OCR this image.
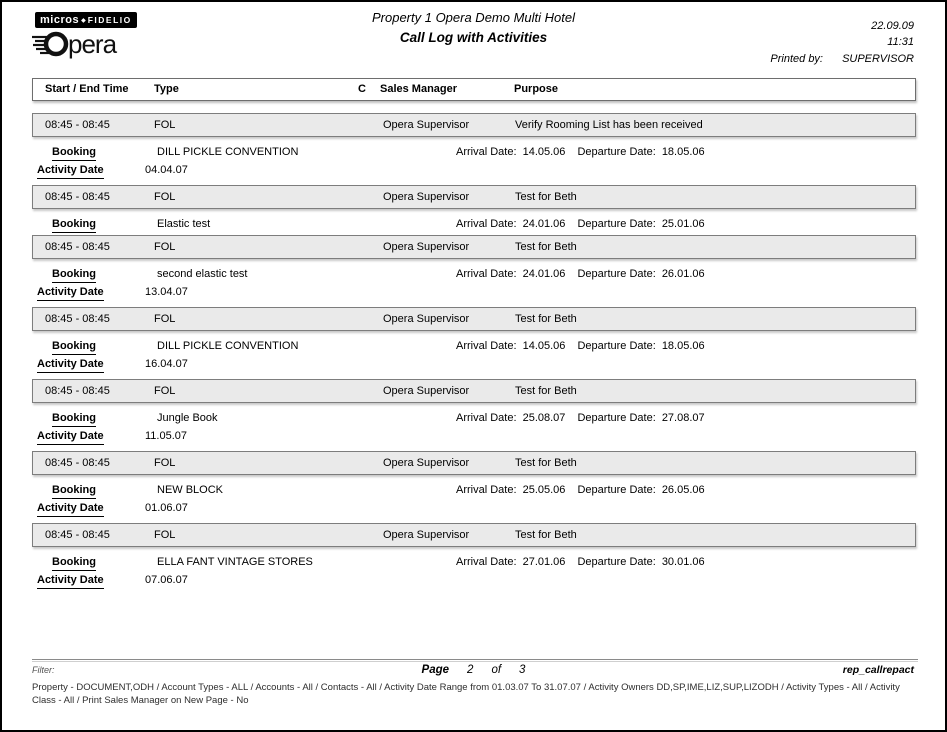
micros ◆ FIDELIO
pera
Property 1 Opera Demo Multi Hotel
Call Log with Activities
22.09.09
11:31
Printed by: SUPERVISOR
Start / End Time Type	C Sales Manager	Purpose
08:45 - 08:45	FOL	Opera Supervisor	Verify Rooming List has been received
Booking	DILL PICKLE CONVENTION	Arrival Date: 14.05.06 Departure Date: 18.05.06
Activity Date	04.04.07
08:45 - 08:45	FOL	Opera Supervisor	Test for Beth
Booking	Elastic test	Arrival Date: 24.01.06 Departure Date: 25.01.06
08:45 - 08:45	FOL	Opera Supervisor	Test for Beth
Booking	second elastic test	Arrival Date: 24.01.06 Departure Date: 26.01.06
Activity Date	13.04.07
08:45 - 08:45	FOL	Opera Supervisor	Test for Beth
Booking	DILL PICKLE CONVENTION	Arrival Date: 14.05.06 Departure Date: 18.05.06
Activity Date	16.04.07
08:45 - 08:45	FOL	Opera Supervisor	Test for Beth
Booking	Jungle Book	Arrival Date: 25.08.07 Departure Date: 27.08.07
Activity Date	11.05.07
08:45 - 08:45	FOL	Opera Supervisor	Test for Beth
Booking	NEW BLOCK	Arrival Date: 25.05.06 Departure Date: 26.05.06
Activity Date	01.06.07
08:45 - 08:45	FOL	Opera Supervisor	Test for Beth
Booking	ELLA FANT VINTAGE STORES	Arrival Date: 27.01.06 Departure Date: 30.01.06
Activity Date	07.06.07
Filter:	Page 2 of 3	rep_callrepact
Property - DOCUMENT,ODH / Account Types - ALL / Accounts - All / Contacts - All / Activity Date Range from 01.03.07 To 31.07.07 / Activity Owners DD,SP,IME,LIZ,SUP,LIZODH / Activity Types - All / Activity Class - All / Print Sales Manager on New Page - No
